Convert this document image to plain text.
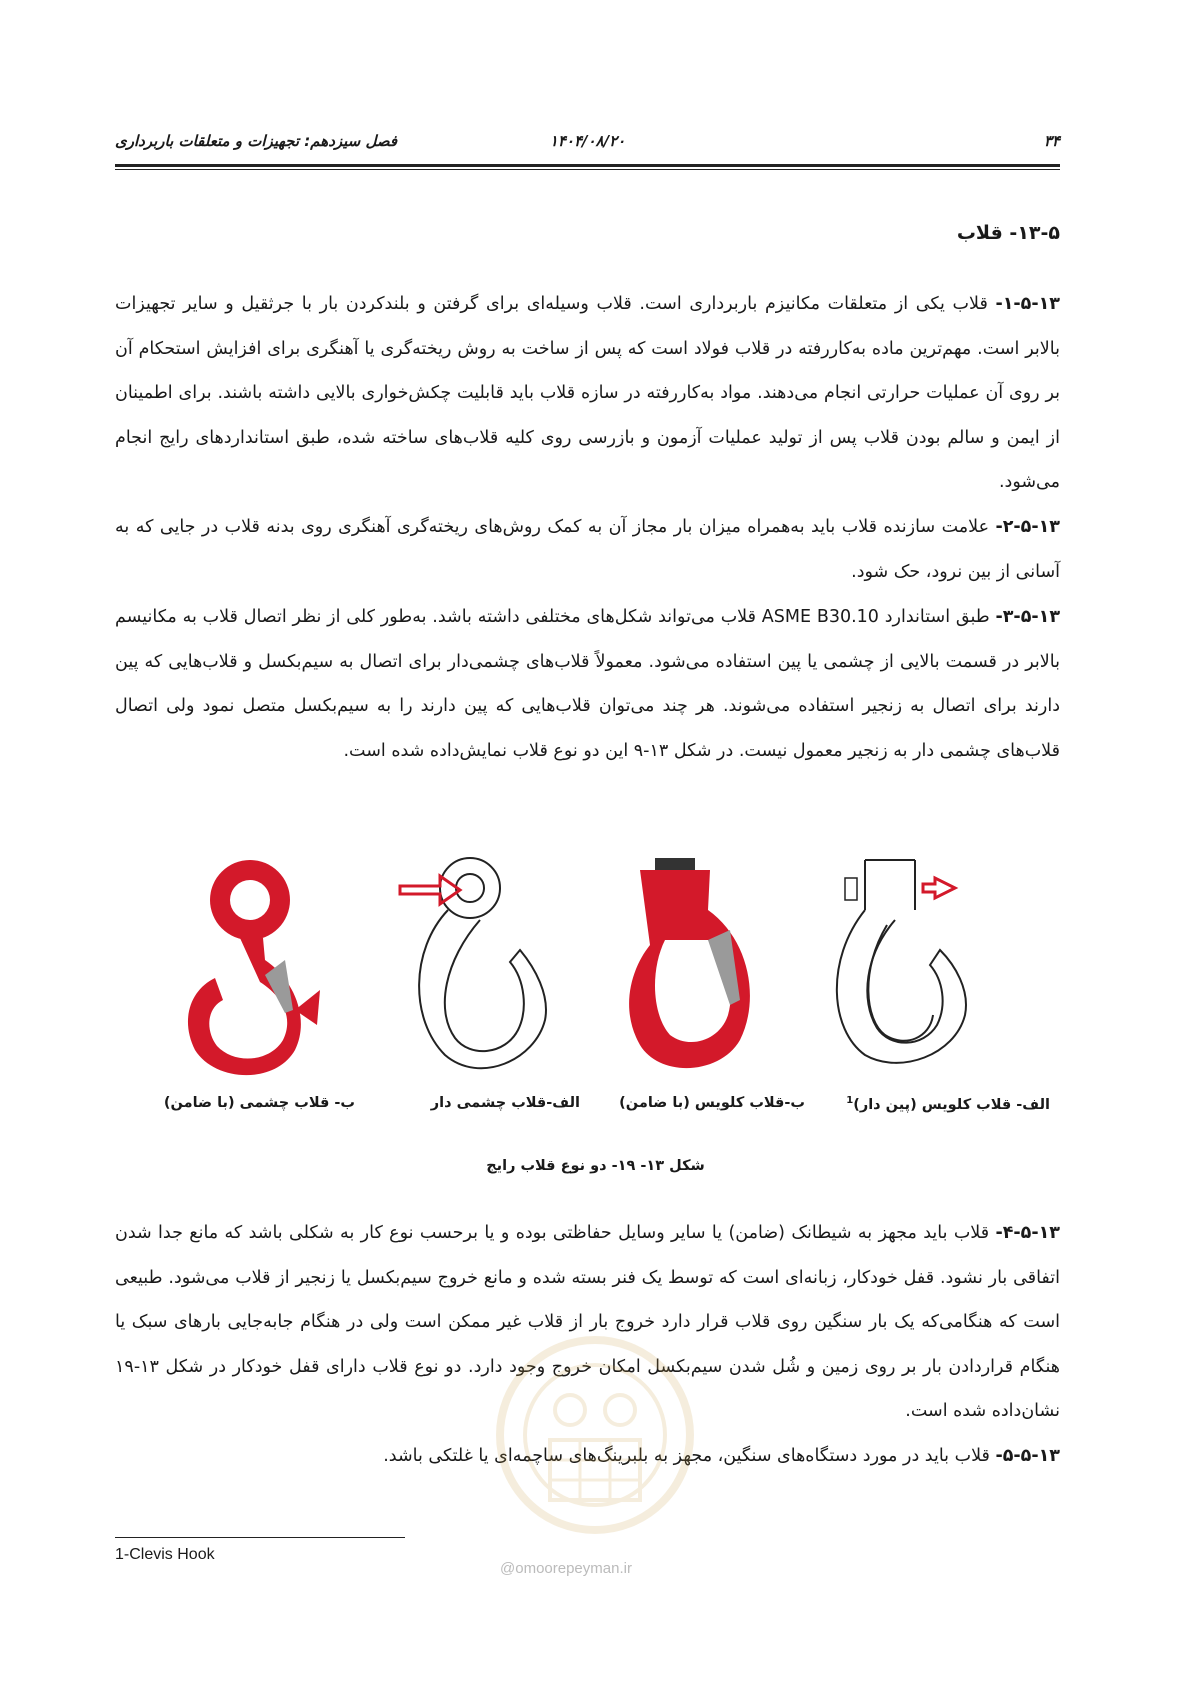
فصل سیزدهم: تجهیزات و متعلقات باربرداری	۱۴۰۴/۰۸/۲۰	۳۴
۱۳-۵- قلاب

۱-۵-۱۳- قلاب یکی از متعلقات مکانیزم باربرداری است. قلاب وسیله‌ای برای گرفتن و بلندکردن بار با جرثقیل و سایر تجهیزات بالابر است. مهم‌ترین ماده به‌کاررفته در قلاب فولاد است که پس از ساخت به روش ریخته‌گری یا آهنگری برای افزایش استحکام آن بر روی آن عملیات حرارتی انجام می‌دهند. مواد به‌کاررفته در سازه قلاب باید قابلیت چکش‌خواری بالایی داشته باشند. برای اطمینان از ایمن و سالم بودن قلاب پس از تولید عملیات آزمون و بازرسی روی کلیه قلاب‌های ساخته شده، طبق استانداردهای رایج انجام می‌شود.

۲-۵-۱۳- علامت سازنده قلاب باید به‌همراه میزان بار مجاز آن به کمک روش‌های ریخته‌گری آهنگری روی بدنه قلاب در جایی که به آسانی از بین نرود، حک شود.

۳-۵-۱۳- طبق استاندارد ASME B30.10 قلاب می‌تواند شکل‌های مختلفی داشته باشد. به‌طور کلی از نظر اتصال قلاب به مکانیسم بالابر در قسمت بالایی از چشمی یا پین استفاده می‌شود. معمولاً قلاب‌های چشمی‌دار برای اتصال به سیم‌بکسل و قلاب‌هایی که پین دارند برای اتصال به زنجیر استفاده می‌شوند. هر چند می‌توان قلاب‌هایی که پین دارند را به سیم‌بکسل متصل نمود ولی اتصال قلاب‌های چشمی دار به زنجیر معمول نیست. در شکل ۱۳-۹ این دو نوع قلاب نمایش‌داده شده است.

الف- قلاب کلویس (پین دار)$^1$
ب-قلاب کلویس (با ضامن)
الف-قلاب چشمی دار
ب- قلاب چشمی (با ضامن)
شکل ۱۳- ۱۹- دو نوع قلاب رایج

۴-۵-۱۳- قلاب باید مجهز به شیطانک (ضامن) یا سایر وسایل حفاظتی بوده و یا برحسب نوع کار به شکلی باشد که مانع جدا شدن اتفاقی بار نشود. قفل خودکار، زبانه‌ای است که توسط یک فنر بسته شده و مانع خروج سیم‌بکسل یا زنجیر از قلاب می‌شود. طبیعی است که هنگامی‌که یک بار سنگین روی قلاب قرار دارد خروج بار از قلاب غیر ممکن است ولی در هنگام جابه‌جایی بارهای سبک یا هنگام قراردادن بار بر روی زمین و شُل شدن سیم‌بکسل امکان خروج وجود دارد. دو نوع قلاب دارای قفل خودکار در شکل ۱۳-۱۹ نشان‌داده شده است.

۵-۵-۱۳- قلاب باید در مورد دستگاه‌های سنگین، مجهز به بلبرینگ‌های ساچمه‌ای یا غلتکی باشد.

@omoorepeyman.ir
1-Clevis Hook
